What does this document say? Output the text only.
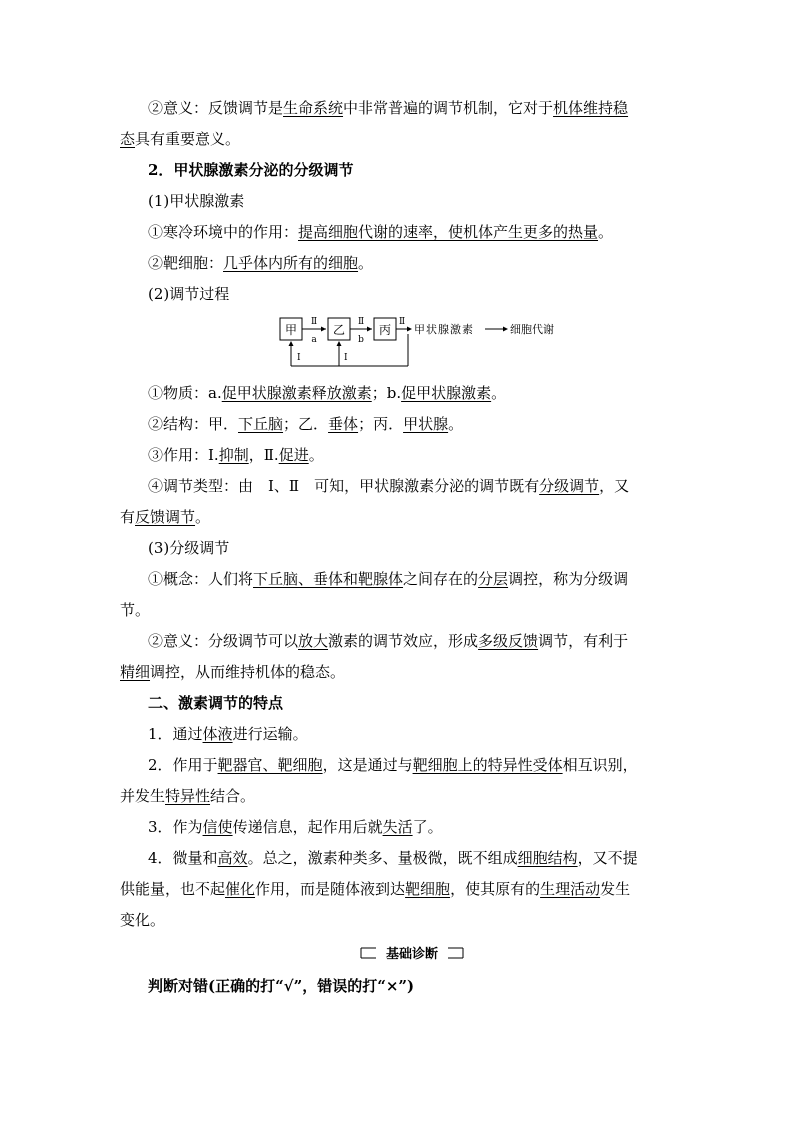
②意义：反馈调节是生命系统中非常普遍的调节机制，它对于机体维持稳
态具有重要意义。
2．甲状腺激素分泌的分级调节
(1)甲状腺激素
①寒冷环境中的作用：提高细胞代谢的速率，使机体产生更多的热量。
②靶细胞：几乎体内所有的细胞。
(2)调节过程
甲	乙	丙
Ⅱ	Ⅱ	Ⅱ
a	b
Ⅰ	Ⅰ
甲状腺激素	细胞代谢
①物质：a.促甲状腺激素释放激素；b.促甲状腺激素。
②结构：甲．下丘脑；乙．垂体；丙．甲状腺。
③作用：Ⅰ.抑制，Ⅱ.促进。
④调节类型：由　Ⅰ、Ⅱ　可知，甲状腺激素分泌的调节既有分级调节，又
有反馈调节。
(3)分级调节
①概念：人们将下丘脑、垂体和靶腺体之间存在的分层调控，称为分级调
节。
②意义：分级调节可以放大激素的调节效应，形成多级反馈调节，有利于
精细调控，从而维持机体的稳态。
二、激素调节的特点
1．通过体液进行运输。
2．作用于靶器官、靶细胞，这是通过与靶细胞上的特异性受体相互识别，
并发生特异性结合。
3．作为信使传递信息，起作用后就失活了。
4．微量和高效。总之，激素种类多、量极微，既不组成细胞结构，又不提
供能量，也不起催化作用，而是随体液到达靶细胞，使其原有的生理活动发生
变化。
基础诊断
判断对错(正确的打“√”，错误的打“×”)
